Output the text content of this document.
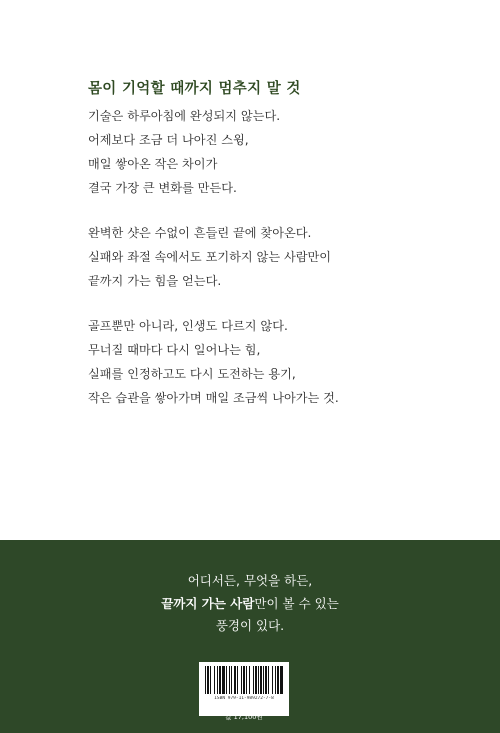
몸이 기억할 때까지 멈추지 말 것
기술은 하루아침에 완성되지 않는다.
어제보다 조금 더 나아진 스윙,
매일 쌓아온 작은 차이가
결국 가장 큰 변화를 만든다.
완벽한 샷은 수없이 흔들린 끝에 찾아온다.
실패와 좌절 속에서도 포기하지 않는 사람만이
끝까지 가는 힘을 얻는다.
골프뿐만 아니라, 인생도 다르지 않다.
무너질 때마다 다시 일어나는 힘,
실패를 인정하고도 다시 도전하는 용기,
작은 습관을 쌓아가며 매일 조금씩 나아가는 것.
어디서든, 무엇을 하든,
끝까지 가는 사람만이 볼 수 있는
풍경이 있다.
ISBN 979-11-989272-7-8
값 17,100원
